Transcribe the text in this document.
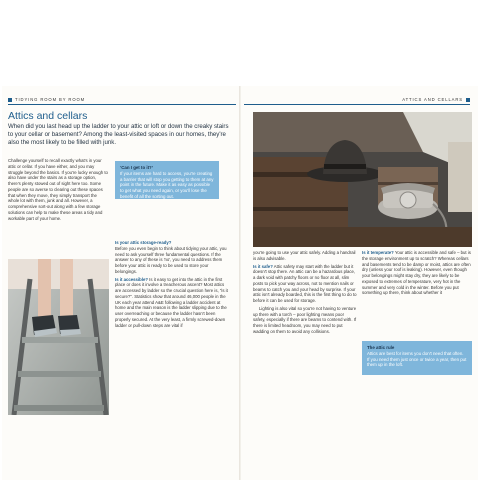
TIDYING ROOM BY ROOM	ATTICS AND CELLARS
Attics and cellars
When did you last head up the ladder to your attic or loft or down the creaky stairs to your cellar or basement? Among the least-visited spaces in our homes, they're also the most likely to be filled with junk.

Challenge yourself to recall exactly what's in your attic or cellar. If you have either, and you may struggle beyond the basics. If you're lucky enough to also have under the stairs as a storage option, there's plenty stowed out of sight here too. Some people are so averse to clearing out these spaces that when they move, they simply transport the whole lot with them, junk and all. However, a comprehensive sort-out along with a few storage solutions can help to make these areas a tidy and workable part of your home.

‘Can I get to it?’
If your items are hard to access, you're creating a barrier that will stop you getting to them at any point in the future. Make it as easy as possible to get what you need again, or you'll lose the benefit of all the sorting out.

Is your attic storage-ready?

Before you even begin to think about tidying your attic, you need to ask yourself three fundamental questions. If the answer to any of these is 'no', you need to address them before your attic is ready to be used to store your belongings.

Is it accessible? Is it easy to get into the attic in the first place or does it involve a treacherous ascent? Most attics are accessed by ladder so the crucial question here is, "is it secure?". Statistics show that around 46,000 people in the UK each year attend A&E following a ladder accident at home and the main reason is the ladder slipping due to the user overreaching or because the ladder hasn't been properly secured. At the very least, a firmly screwed-down ladder or pull-down steps are vital if

you're going to use your attic safely. Adding a handrail is also advisable.

Is it safe? Attic safety may start with the ladder but it doesn't stop there. An attic can be a hazardous place, a dark void with patchy floors or no floor at all, slim posts to pick your way across, not to mention nails or beams to catch you and your head by surprise. If your attic isn't already boarded, this is the first thing to do to before it can be used for storage.

Lighting is also vital so you're not having to venture up there with a torch – poor lighting means poor safety, especially if there are beams to contend with. If there is limited headroom, you may need to put wadding on them to avoid any collisions.

Is it temperate? Your attic is accessible and safe – but is the storage environment up to scratch? Whereas cellars and basements tend to be damp or moist, attics are often dry (unless your roof is leaking). However, even though your belongings might stay dry, they are likely to be exposed to extremes of temperature, very hot in the summer and very cold in the winter. Before you put something up there, think about whether it

The attic rule
Attics are best for items you don't need that often. If you need them just once or twice a year, then put them up in the loft.
